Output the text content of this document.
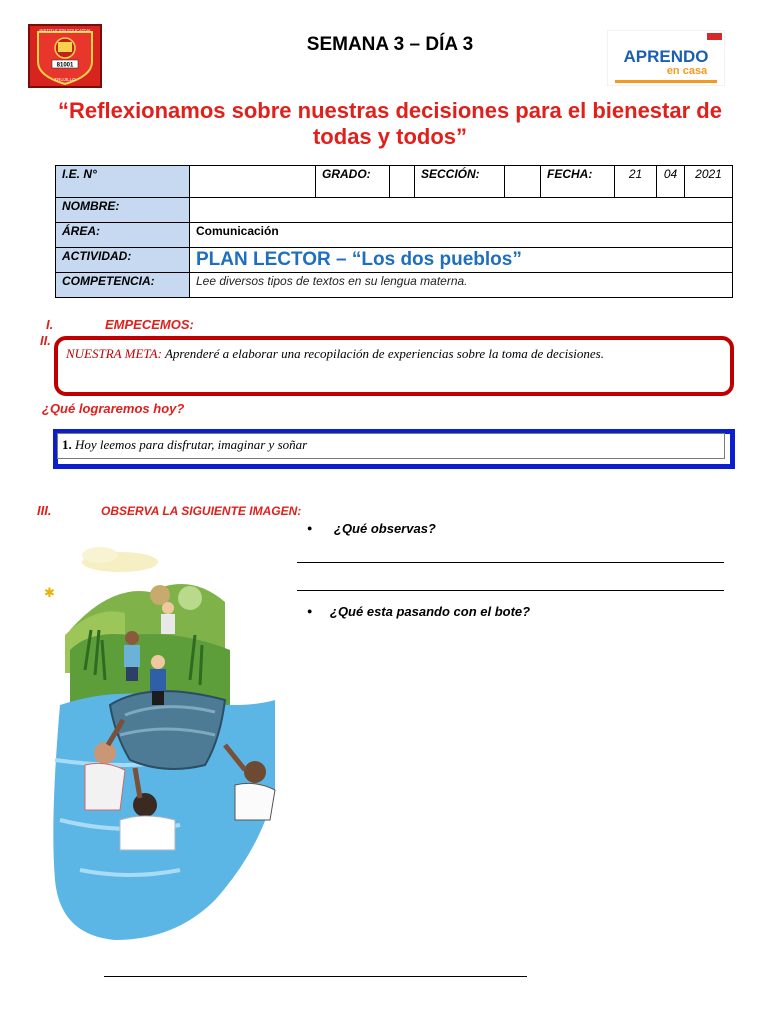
INSTITUCION EDUCATIVA
81001
TRUJILLO
SEMANA 3 – DÍA 3
APRENDO
en casa
“Reflexionamos sobre nuestras decisiones para el bienestar de todas y todos”
I.E. N°		GRADO:		SECCIÓN:		FECHA:	21	04	2021
NOMBRE:									
ÁREA:	Comunicación								
ACTIVIDAD:	PLAN LECTOR – “Los dos pueblos”								
COMPETENCIA:	Lee diversos tipos de textos en su lengua materna.								
I.	EMPECEMOS:
II.
NUESTRA META: Aprenderé a elaborar una recopilación de experiencias sobre la toma de decisiones.
¿Qué lograremos hoy?
1. Hoy leemos para disfrutar, imaginar y soñar
III.	OBSERVA LA SIGUIENTE IMAGEN:
● ¿Qué observas?
● ¿Qué esta pasando con el bote?
✱
